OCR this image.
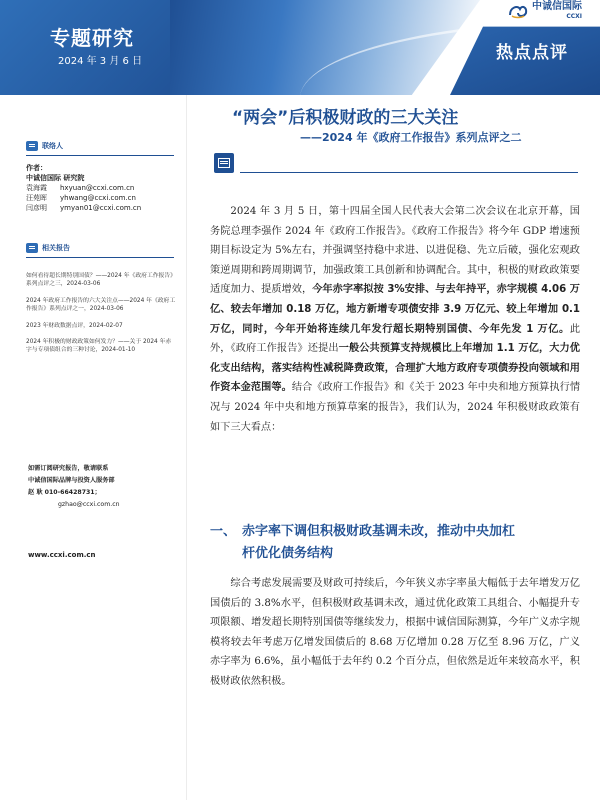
专题研究
2024 年 3 月 6 日	热点点评
中诚信国际
CCXI
联络人
作者：
中诚信国际 研究院
袁海霞	hxyuan@ccxi.com.cn
汪苑晖	yhwang@ccxi.com.cn
闫彦明	ymyan01@ccxi.com.cn
相关报告
如何看待超长期特别国债？——2024 年《政府工作报告》系列点评之三，2024-03-06
2024 年政府工作报告的六大关注点——2024 年《政府工作报告》系列点评之一，2024-03-06
2023 年财政数据点评，2024-02-07
2024 年积极的财政政策如何发力？——关于 2024 年赤字与专项债组合的三种讨论，2024-01-10
如需订阅研究报告，敬请联系
中诚信国际品牌与投资人服务部
赵 耿 010-66428731；
gzhao@ccxi.com.cn
www.ccxi.com.cn
“两会”后积极财政的三大关注
——2024 年《政府工作报告》系列点评之二

2024 年 3 月 5 日，第十四届全国人民代表大会第二次会议在北京开幕，国务院总理李强作 2024 年《政府工作报告》。《政府工作报告》将今年 GDP 增速预期目标设定为 5%左右，并强调坚持稳中求进、以进促稳、先立后破，强化宏观政策逆周期和跨周期调节，加强政策工具创新和协调配合。其中，积极的财政政策要适度加力、提质增效，今年赤字率拟按 3%安排、与去年持平，赤字规模 4.06 万亿、较去年增加 0.18 万亿，地方新增专项债安排 3.9 万亿元、较上年增加 0.1 万亿，同时，今年开始将连续几年发行超长期特别国债、今年先发 1 万亿。此外，《政府工作报告》还提出一般公共预算支持规模比上年增加 1.1 万亿，大力优化支出结构，落实结构性减税降费政策，合理扩大地方政府专项债券投向领域和用作资本金范围等。结合《政府工作报告》和《关于 2023 年中央和地方预算执行情况与 2024 年中央和地方预算草案的报告》，我们认为，2024 年积极财政政策有如下三大看点：

一、 赤字率下调但积极财政基调未改，推动中央加杠
杆优化债务结构

综合考虑发展需要及财政可持续后，今年狭义赤字率虽大幅低于去年增发万亿国债后的 3.8%水平，但积极财政基调未改，通过优化政策工具组合、小幅提升专项限额、增发超长期特别国债等继续发力，根据中诚信国际测算，今年广义赤字规模将较去年考虑万亿增发国债后的 8.68 万亿增加 0.28 万亿至 8.96 万亿，广义赤字率为 6.6%，虽小幅低于去年约 0.2 个百分点，但依然是近年来较高水平，积极财政依然积极。
